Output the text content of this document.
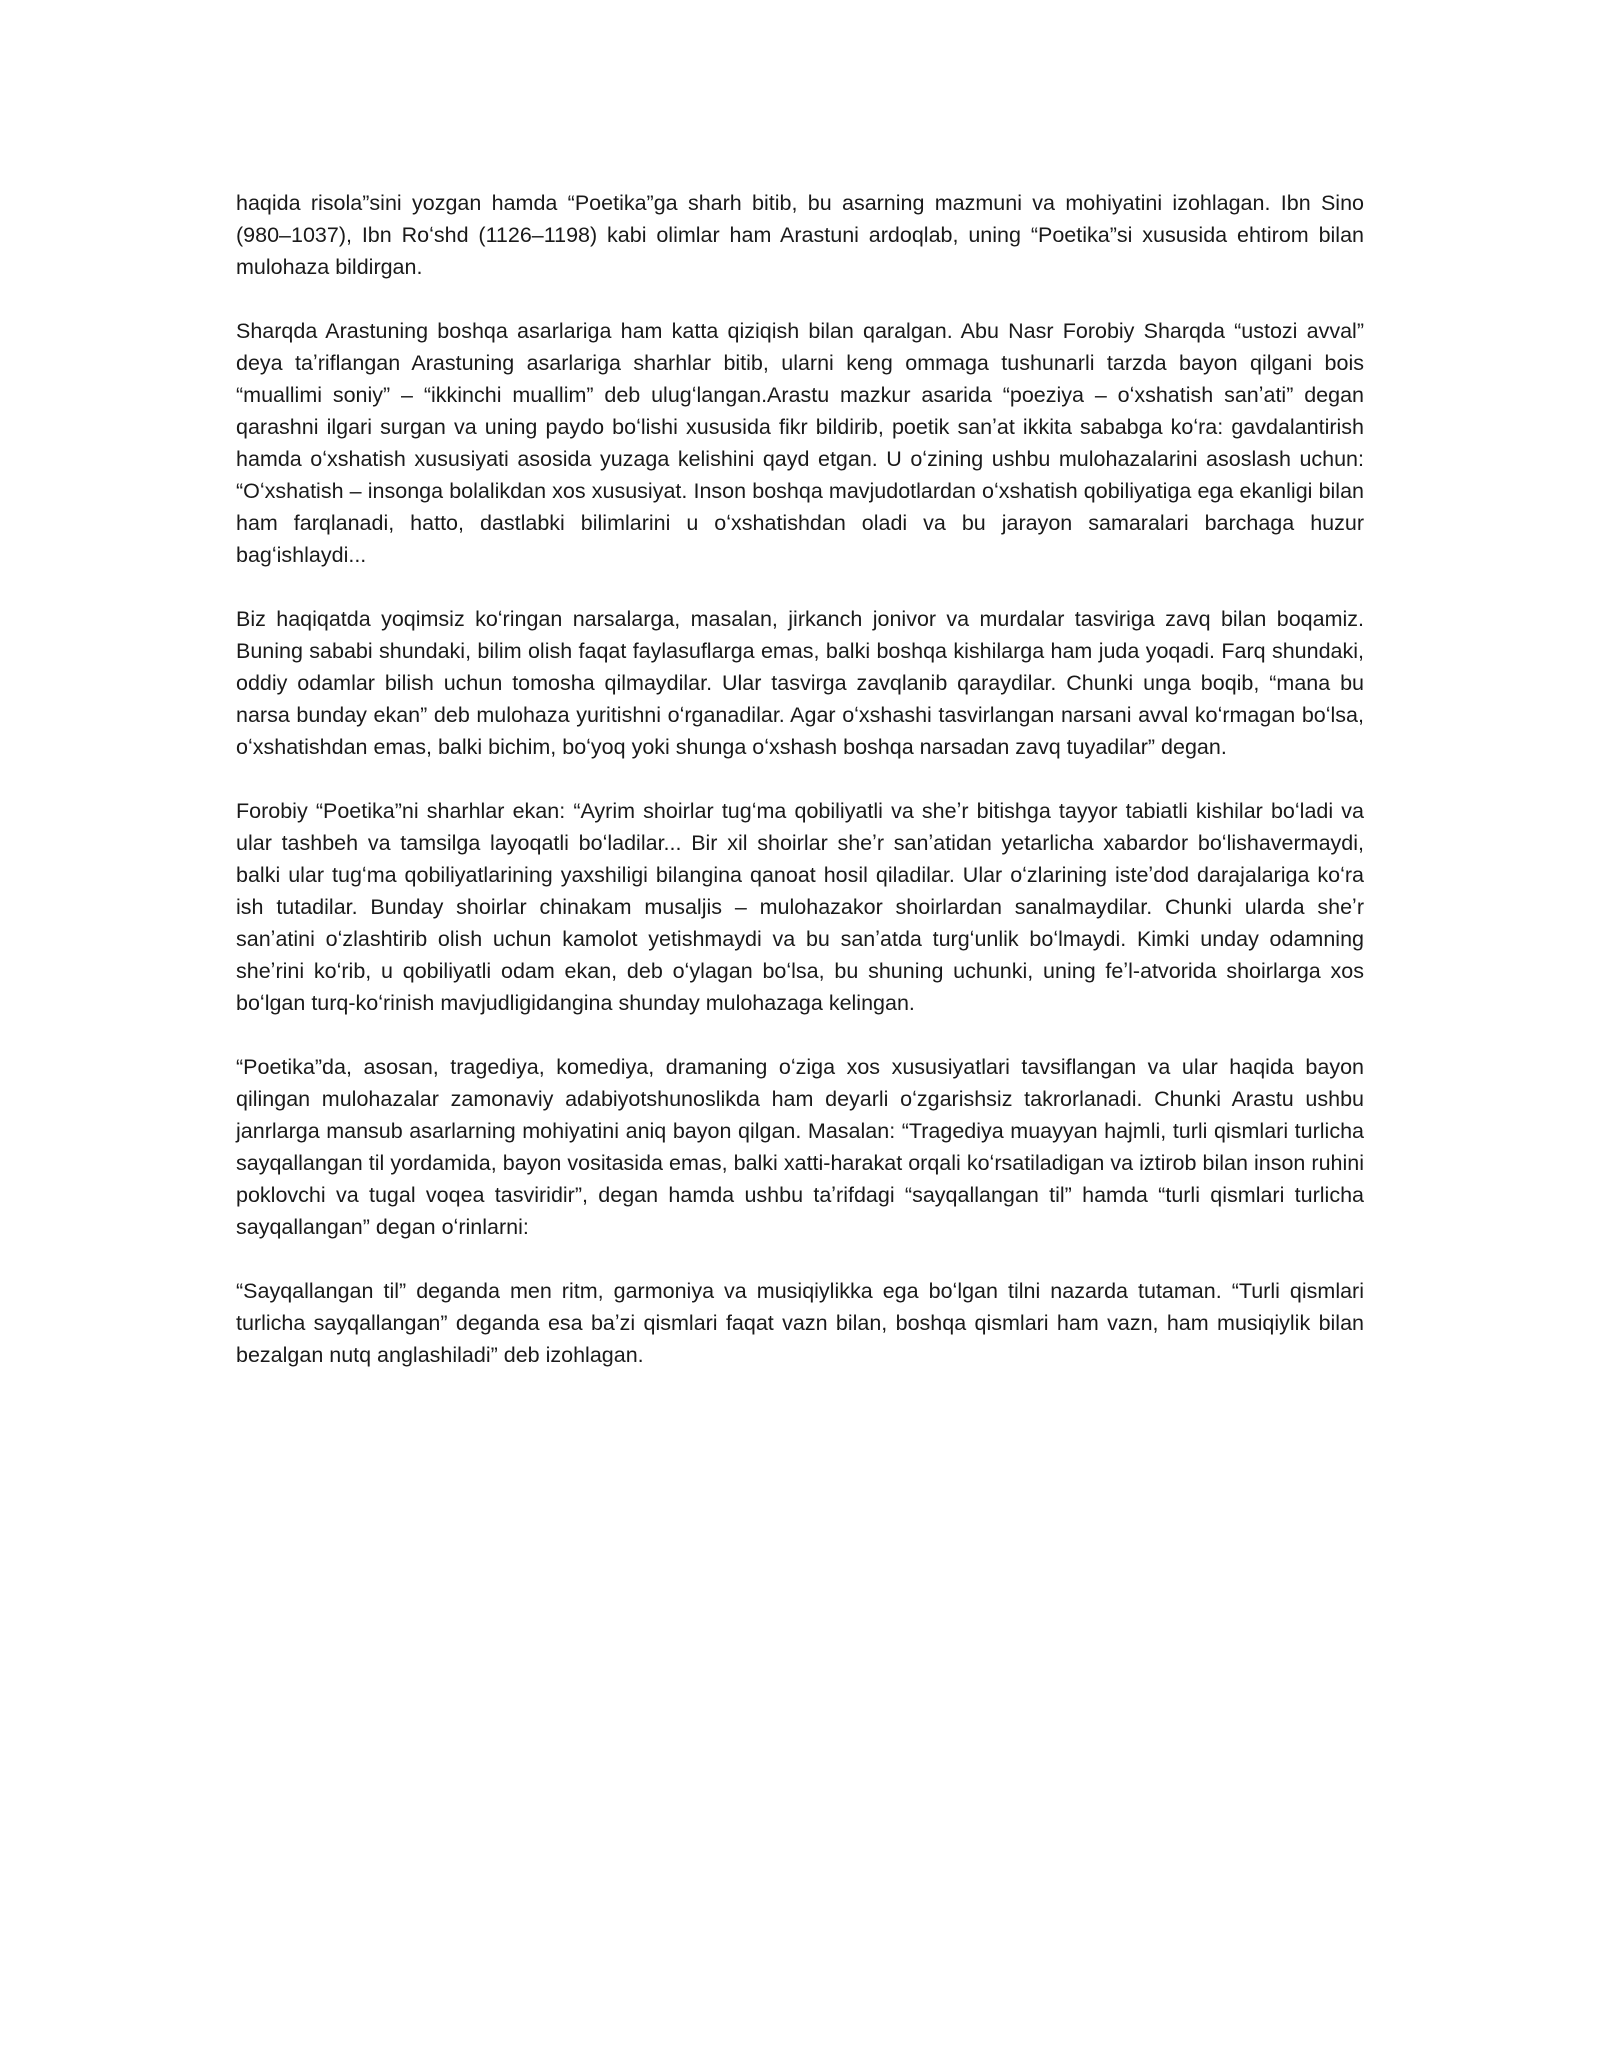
haqida risola”sini yozgan hamda “Poetika”ga sharh bitib, bu asarning mazmuni va mohiyatini izohlagan. Ibn Sino (980–1037), Ibn Roʻshd (1126–1198) kabi olimlar ham Arastuni ardoqlab, uning “Poetika”si xususida ehtirom bilan mulohaza bildirgan.

Sharqda Arastuning boshqa asarlariga ham katta qiziqish bilan qaralgan. Abu Nasr Forobiy Sharqda “ustozi avval” deya taʼriflangan Arastuning asarlariga sharhlar bitib, ularni keng ommaga tushunarli tarzda bayon qilgani bois “muallimi soniy” – “ikkinchi muallim” deb ulugʻlangan.Arastu mazkur asarida “poeziya – oʻxshatish sanʼati” degan qarashni ilgari surgan va uning paydo boʻlishi xususida fikr bildirib, poetik sanʼat ikkita sababga koʻra: gavdalantirish hamda oʻxshatish xususiyati asosida yuzaga kelishini qayd etgan. U oʻzining ushbu mulohazalarini asoslash uchun: “Oʻxshatish – insonga bolalikdan xos xususiyat. Inson boshqa mavjudotlardan oʻxshatish qobiliyatiga ega ekanligi bilan ham farqlanadi, hatto, dastlabki bilimlarini u oʻxshatishdan oladi va bu jarayon samaralari barchaga huzur bagʻishlaydi...

Biz haqiqatda yoqimsiz koʻringan narsalarga, masalan, jirkanch jonivor va murdalar tasviriga zavq bilan boqamiz. Buning sababi shundaki, bilim olish faqat faylasuflarga emas, balki boshqa kishilarga ham juda yoqadi. Farq shundaki, oddiy odamlar bilish uchun tomosha qilmaydilar. Ular tasvirga zavqlanib qaraydilar. Chunki unga boqib, “mana bu narsa bunday ekan” deb mulohaza yuritishni oʻrganadilar. Agar oʻxshashi tasvirlangan narsani avval koʻrmagan boʻlsa, oʻxshatishdan emas, balki bichim, boʻyoq yoki shunga oʻxshash boshqa narsadan zavq tuyadilar” degan.

Forobiy “Poetika”ni sharhlar ekan: “Ayrim shoirlar tugʻma qobiliyatli va sheʼr bitishga tayyor tabiatli kishilar boʻladi va ular tashbeh va tamsilga layoqatli boʻladilar... Bir xil shoirlar sheʼr sanʼatidan yetarlicha xabardor boʻlishavermaydi, balki ular tugʻma qobiliyatlarining yaxshiligi bilangina qanoat hosil qiladilar. Ular oʻzlarining isteʼdod darajalariga koʻra ish tutadilar. Bunday shoirlar chinakam musaljis – mulohazakor shoirlardan sanalmaydilar. Chunki ularda sheʼr sanʼatini oʻzlashtirib olish uchun kamolot yetishmaydi va bu sanʼatda turgʻunlik boʻlmaydi. Kimki unday odamning sheʼrini koʻrib, u qobiliyatli odam ekan, deb oʻylagan boʻlsa, bu shuning uchunki, uning feʼl-atvorida shoirlarga xos boʻlgan turq-koʻrinish mavjudligidangina shunday mulohazaga kelingan.

“Poetika”da, asosan, tragediya, komediya, dramaning oʻziga xos xususiyatlari tavsiflangan va ular haqida bayon qilingan mulohazalar zamonaviy adabiyotshunoslikda ham deyarli oʻzgarishsiz takrorlanadi. Chunki Arastu ushbu janrlarga mansub asarlarning mohiyatini aniq bayon qilgan. Masalan: “Tragediya muayyan hajmli, turli qismlari turlicha sayqallangan til yordamida, bayon vositasida emas, balki xatti-harakat orqali koʻrsatiladigan va iztirob bilan inson ruhini poklovchi va tugal voqea tasviridir”, degan hamda ushbu taʼrifdagi “sayqallangan til” hamda “turli qismlari turlicha sayqallangan” degan oʻrinlarni:

“Sayqallangan til” deganda men ritm, garmoniya va musiqiylikka ega boʻlgan tilni nazarda tutaman. “Turli qismlari turlicha sayqallangan” deganda esa baʼzi qismlari faqat vazn bilan, boshqa qismlari ham vazn, ham musiqiylik bilan bezalgan nutq anglashiladi” deb izohlagan.
